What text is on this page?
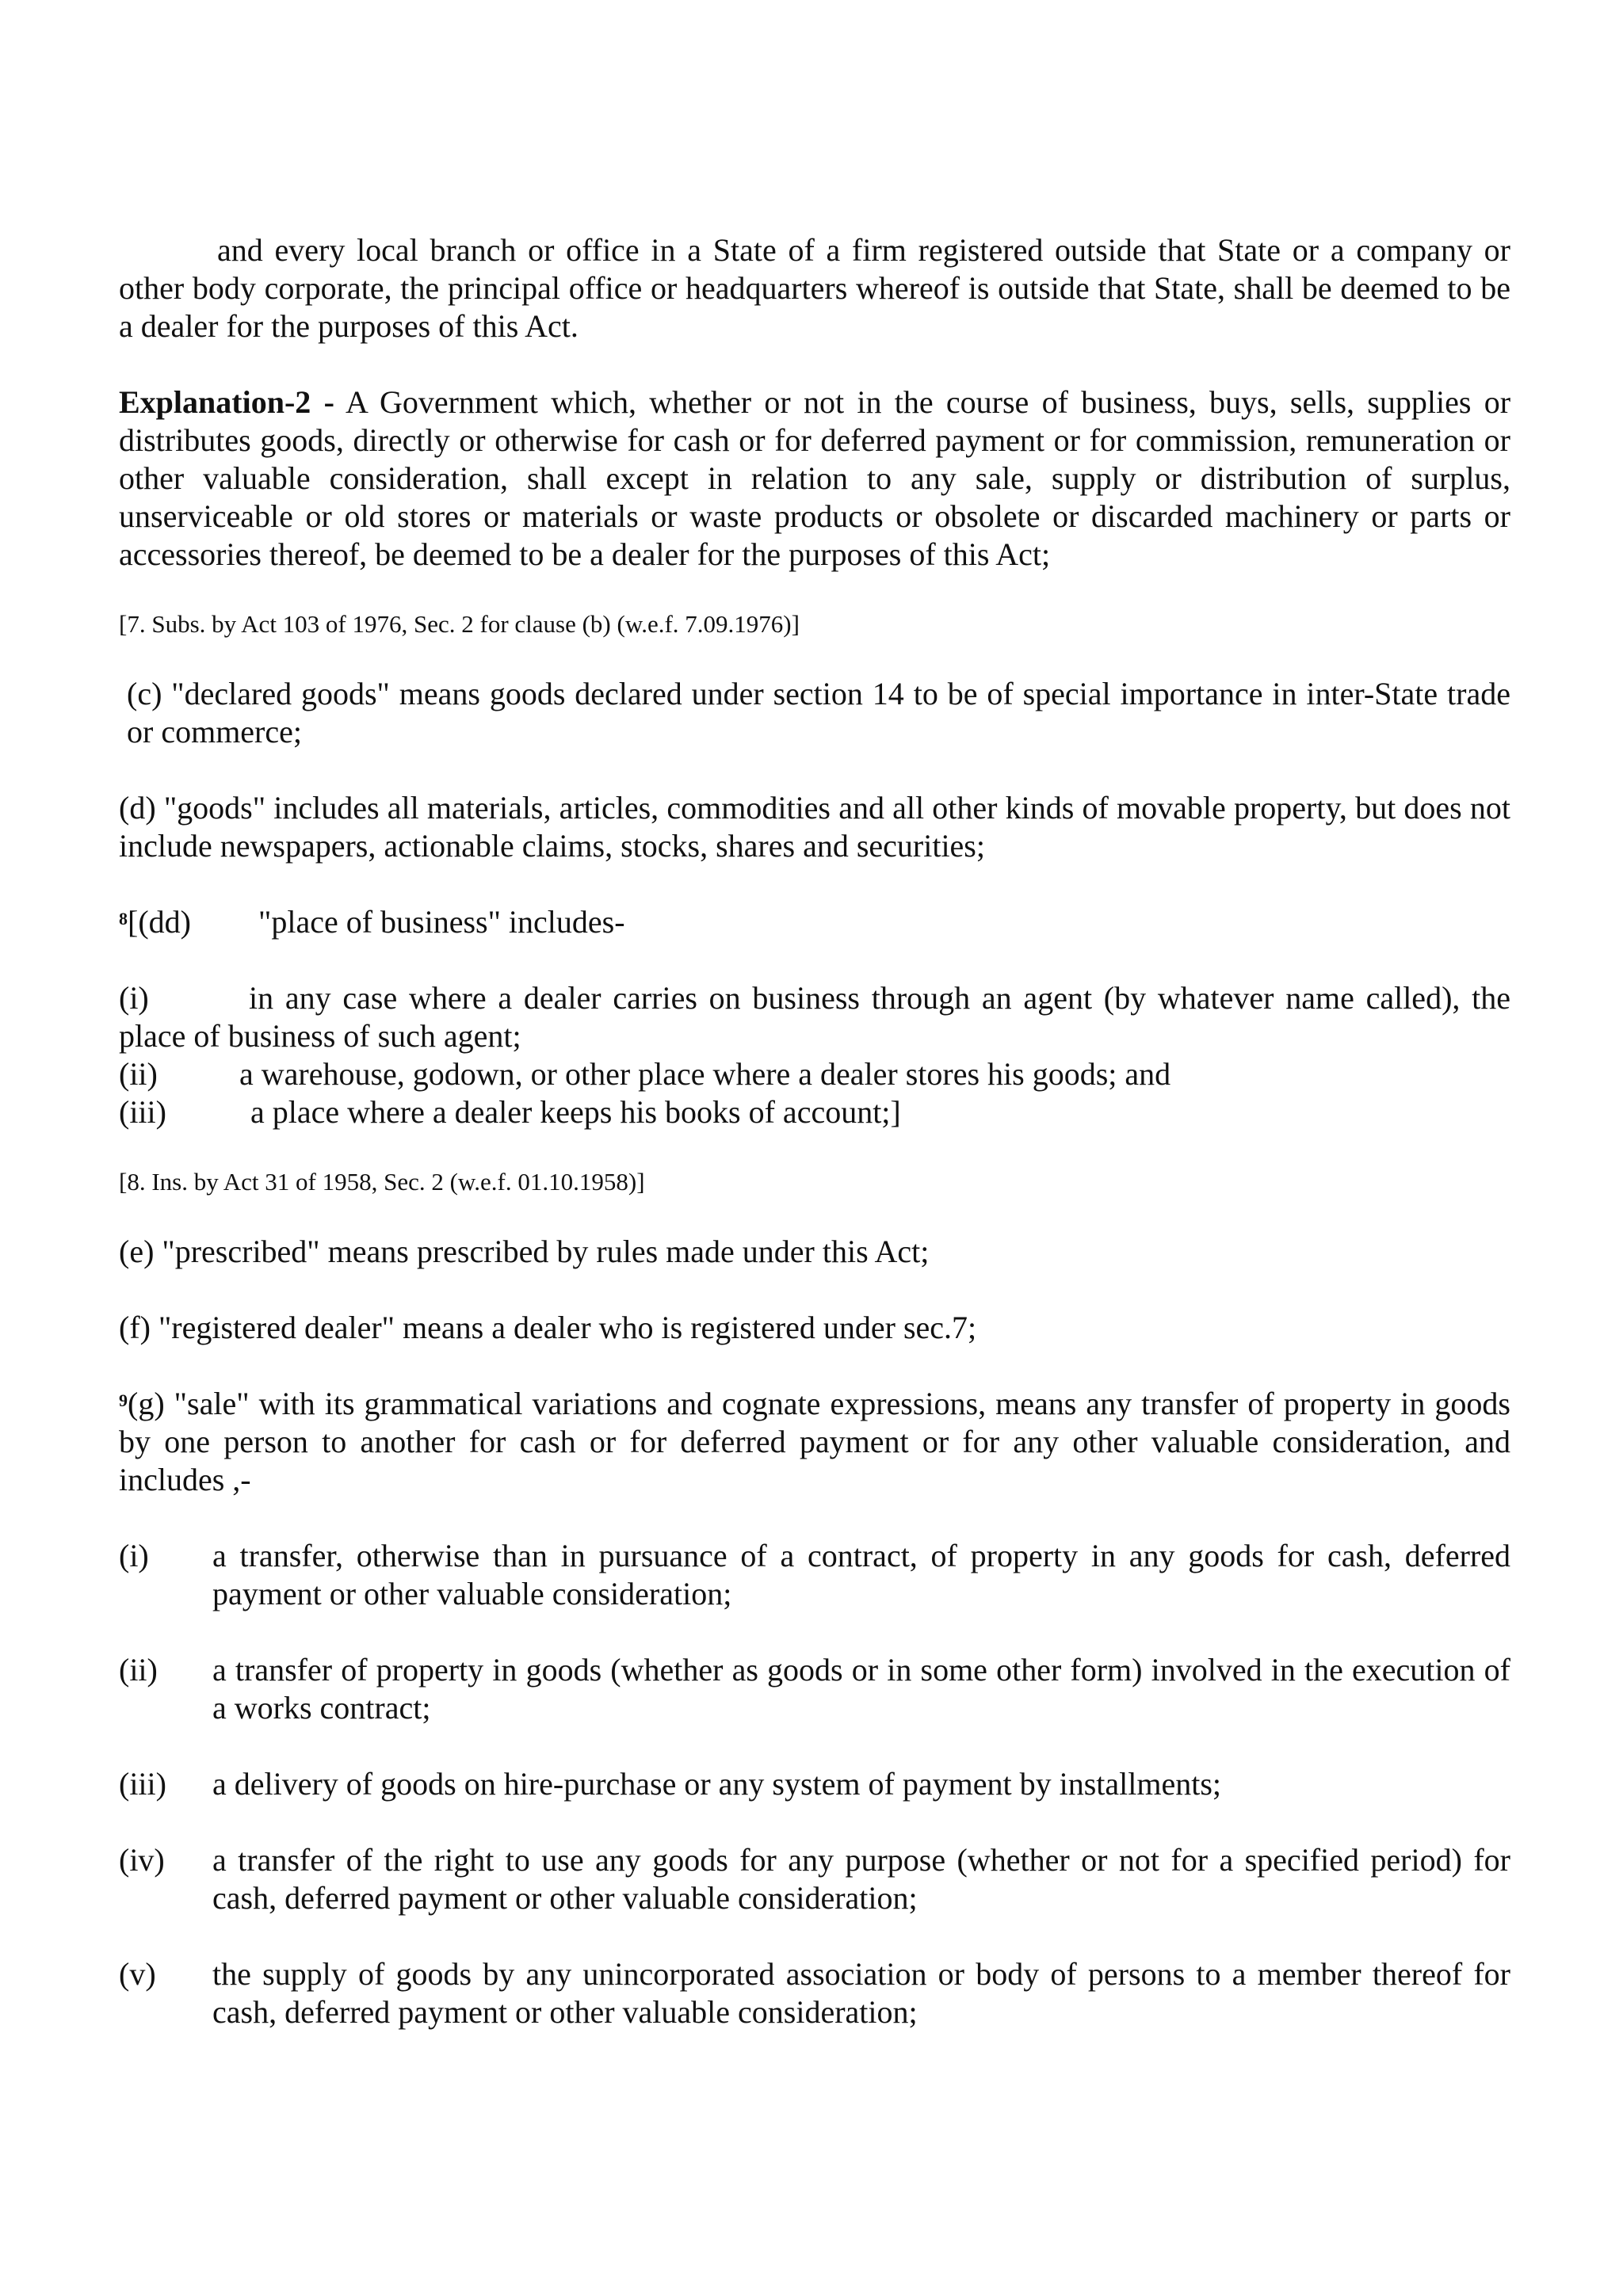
and every local branch or office in a State of a firm registered outside that State or a company or other body corporate, the principal office or headquarters whereof is outside that State, shall be deemed to be a dealer for the purposes of this Act.

Explanation-2 - A Government which, whether or not in the course of business, buys, sells, supplies or distributes goods, directly or otherwise for cash or for deferred payment or for commission, remuneration or other valuable consideration, shall except in relation to any sale, supply or distribution of surplus, unserviceable or old stores or materials or waste products or obsolete or discarded machinery or parts or accessories thereof, be deemed to be a dealer for the purposes of this Act;

[7. Subs. by Act 103 of 1976, Sec. 2 for clause (b) (w.e.f. 7.09.1976)]

(c) "declared goods" means goods declared under section 14 to be of special importance in inter-State trade or commerce;

(d) "goods" includes all materials, articles, commodities and all other kinds of movable property, but does not include newspapers, actionable claims, stocks, shares and securities;

$^8$[(dd)	"place of business" includes-

(i)	in any case where a dealer carries on business through an agent (by whatever name called), the place of business of such agent;

(ii)	a warehouse, godown, or other place where a dealer stores his goods; and
(iii)	a place where a dealer keeps his books of account;]

[8. Ins. by Act 31 of 1958, Sec. 2 (w.e.f. 01.10.1958)]

(e) "prescribed" means prescribed by rules made under this Act;

(f) "registered dealer" means a dealer who is registered under sec.7;

$^9$(g) "sale" with its grammatical variations and cognate expressions, means any transfer of property in goods by one person to another for cash or for deferred payment or for any other valuable consideration, and includes ,-

(i)	a transfer, otherwise than in pursuance of a contract, of property in any goods for cash, deferred payment or other valuable consideration;
(ii)	a transfer of property in goods (whether as goods or in some other form) involved in the execution of a works contract;
(iii)	a delivery of goods on hire-purchase or any system of payment by installments;
(iv)	a transfer of the right to use any goods for any purpose (whether or not for a specified period) for cash, deferred payment or other valuable consideration;
(v)	the supply of goods by any unincorporated association or body of persons to a member thereof for cash, deferred payment or other valuable consideration;
